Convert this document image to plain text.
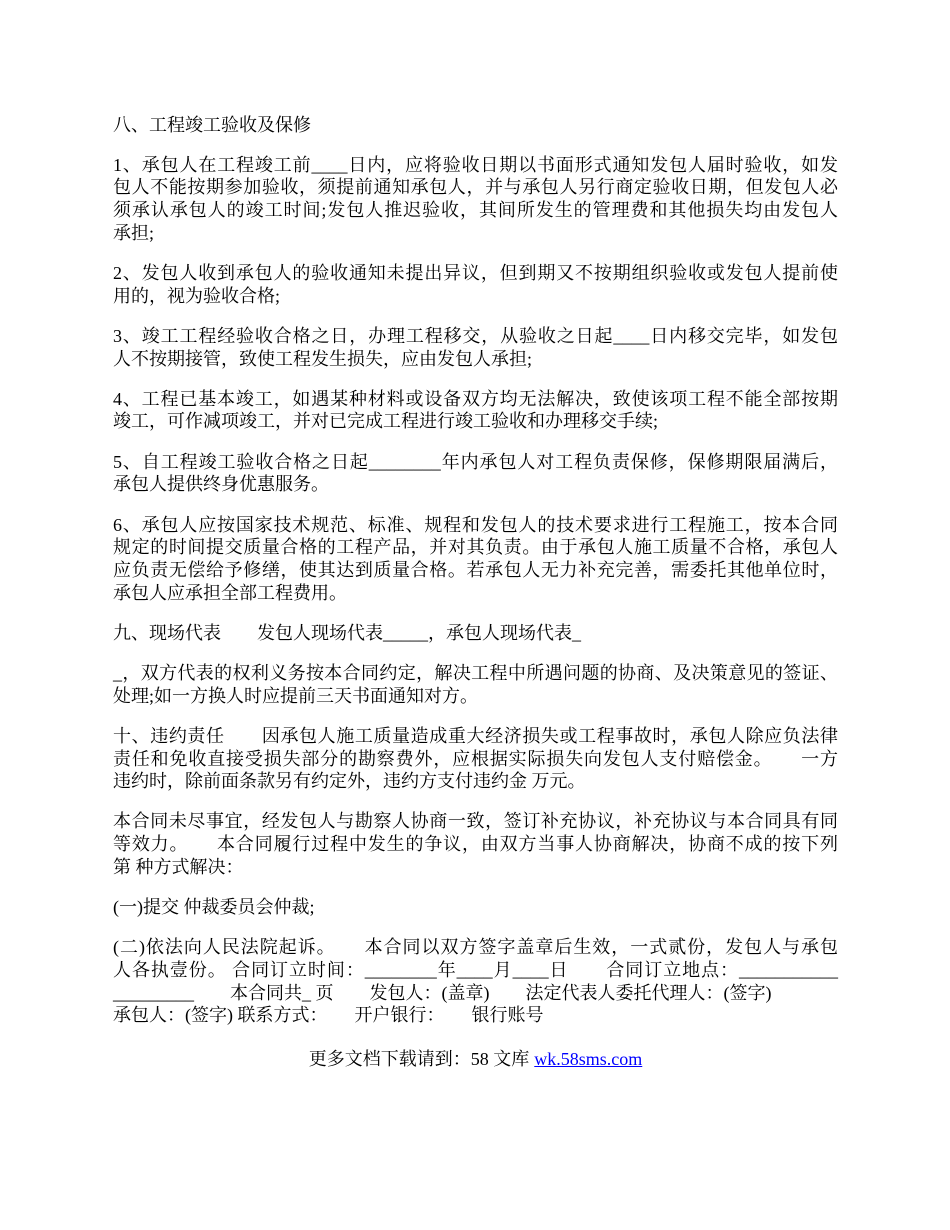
八、工程竣工验收及保修
1、承包人在工程竣工前____日内，应将验收日期以书面形式通知发包人届时验收，如发
包人不能按期参加验收，须提前通知承包人，并与承包人另行商定验收日期，但发包人必
须承认承包人的竣工时间;发包人推迟验收，其间所发生的管理费和其他损失均由发包人
承担;
2、发包人收到承包人的验收通知未提出异议，但到期又不按期组织验收或发包人提前使
用的，视为验收合格;
3、竣工工程经验收合格之日，办理工程移交，从验收之日起____日内移交完毕，如发包
人不按期接管，致使工程发生损失，应由发包人承担;
4、工程已基本竣工，如遇某种材料或设备双方均无法解决，致使该项工程不能全部按期
竣工，可作减项竣工，并对已完成工程进行竣工验收和办理移交手续;
5、自工程竣工验收合格之日起________年内承包人对工程负责保修，保修期限届满后，
承包人提供终身优惠服务。
6、承包人应按国家技术规范、标准、规程和发包人的技术要求进行工程施工，按本合同
规定的时间提交质量合格的工程产品，并对其负责。由于承包人施工质量不合格，承包人
应负责无偿给予修缮，使其达到质量合格。若承包人无力补充完善，需委托其他单位时，
承包人应承担全部工程费用。
九、现场代表　　发包人现场代表_____，承包人现场代表_
_，双方代表的权利义务按本合同约定，解决工程中所遇问题的协商、及决策意见的签证、
处理;如一方换人时应提前三天书面通知对方。
十、违约责任　　因承包人施工质量造成重大经济损失或工程事故时，承包人除应负法律
责任和免收直接受损失部分的勘察费外，应根据实际损失向发包人支付赔偿金。　　一方
违约时，除前面条款另有约定外，违约方支付违约金 万元。
本合同未尽事宜，经发包人与勘察人协商一致，签订补充协议，补充协议与本合同具有同
等效力。　　本合同履行过程中发生的争议，由双方当事人协商解决，协商不成的按下列
第 种方式解决：
(一)提交 仲裁委员会仲裁;
(二)依法向人民法院起诉。　　本合同以双方签字盖章后生效，一式贰份，发包人与承包
人各执壹份。 合同订立时间：________年____月____日　　合同订立地点：___________
_________　　本合同共_ 页　　发包人：(盖章)　　法定代表人委托代理人：(签字)
承包人：(签字) 联系方式：　　开户银行：　　银行账号
更多文档下载请到：58 文库 wk.58sms.com
